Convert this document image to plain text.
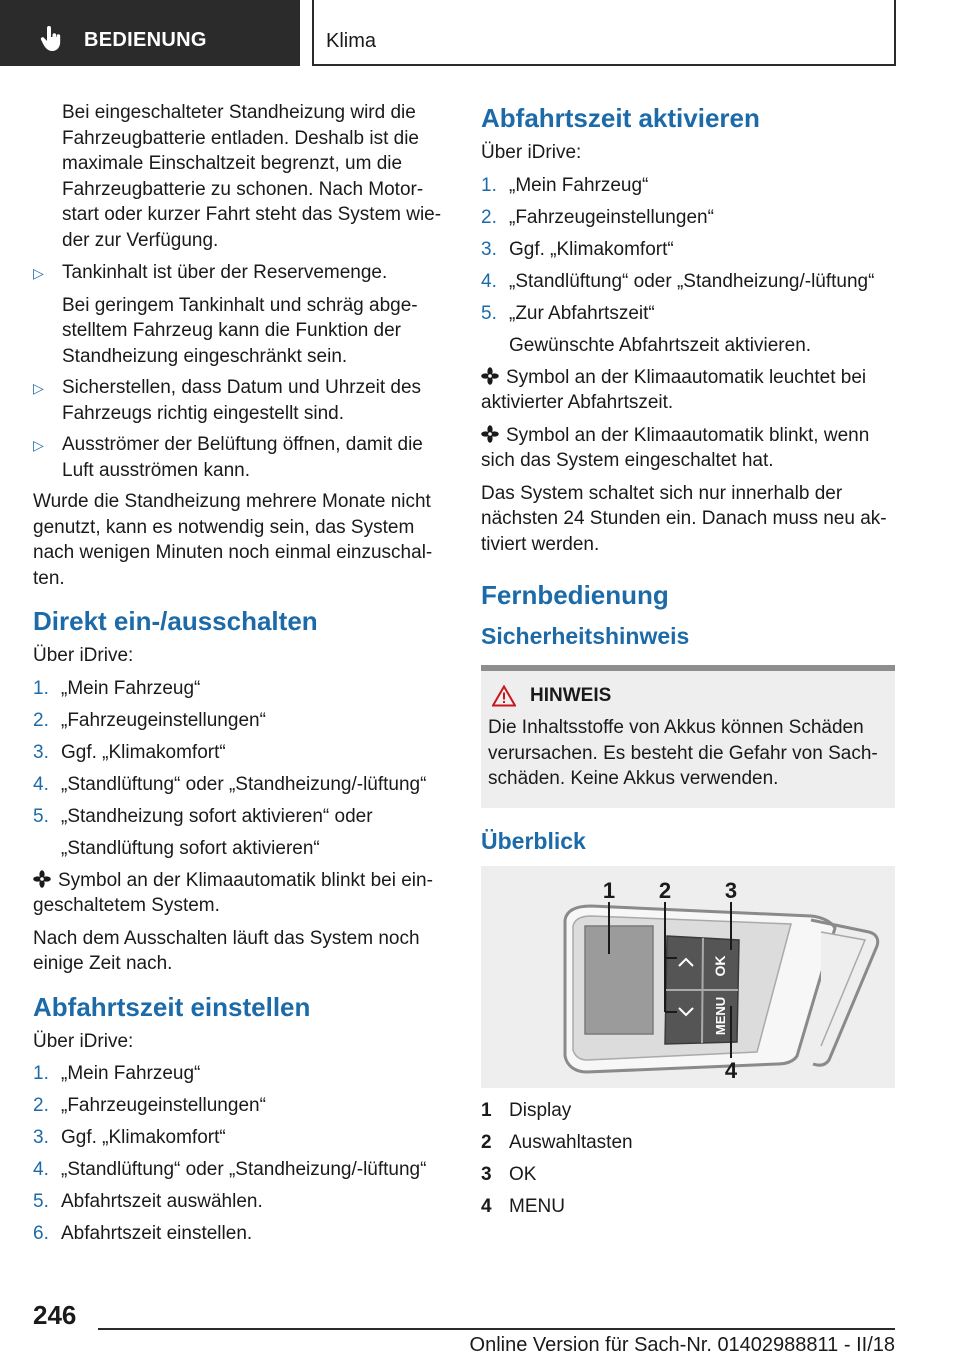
BEDIENUNG	Klima

Bei eingeschalteter Standheizung wird die Fahrzeugbatterie entladen. Deshalb ist die maximale Einschaltzeit begrenzt, um die Fahrzeugbatterie zu schonen. Nach Motorstart oder kurzer Fahrt steht das System wieder zur Verfügung.

▷ Tankinhalt ist über der Reservemenge.

Bei geringem Tankinhalt und schräg abgestelltem Fahrzeug kann die Funktion der Standheizung eingeschränkt sein.

▷ Sicherstellen, dass Datum und Uhrzeit des Fahrzeugs richtig eingestellt sind.
▷ Ausströmer der Belüftung öffnen, damit die Luft ausströmen kann.

Wurde die Standheizung mehrere Monate nicht genutzt, kann es notwendig sein, das System nach wenigen Minuten noch einmal einzuschalten.

Direkt ein-/ausschalten

Über iDrive:

1. „Mein Fahrzeug“
2. „Fahrzeugeinstellungen“
3. Ggf. „Klimakomfort“
4. „Standlüftung“ oder „Standheizung/-lüftung“
5. „Standheizung sofort aktivieren“ oder

„Standlüftung sofort aktivieren“

Symbol an der Klimaautomatik blinkt bei eingeschaltetem System.

Nach dem Ausschalten läuft das System noch einige Zeit nach.

Abfahrtszeit einstellen

Über iDrive:

1. „Mein Fahrzeug“
2. „Fahrzeugeinstellungen“
3. Ggf. „Klimakomfort“
4. „Standlüftung“ oder „Standheizung/-lüftung“
5. Abfahrtszeit auswählen.
6. Abfahrtszeit einstellen.
Abfahrtszeit aktivieren

Über iDrive:

1. „Mein Fahrzeug“
2. „Fahrzeugeinstellungen“
3. Ggf. „Klimakomfort“
4. „Standlüftung“ oder „Standheizung/-lüftung“
5. „Zur Abfahrtszeit“

Gewünschte Abfahrtszeit aktivieren.

Symbol an der Klimaautomatik leuchtet bei aktivierter Abfahrtszeit.

Symbol an der Klimaautomatik blinkt, wenn sich das System eingeschaltet hat.

Das System schaltet sich nur innerhalb der nächsten 24 Stunden ein. Danach muss neu aktiviert werden.

Fernbedienung
Sicherheitshinweis
HINWEIS

Die Inhaltsstoffe von Akkus können Schäden verursachen. Es besteht die Gefahr von Sachschäden. Keine Akkus verwenden.

Überblick
OK
MENU
1 2 3
4
1 Display
2 Auswahltasten
3 OK
4 MENU
246
Online Version für Sach-Nr. 01402988811 - II/18
